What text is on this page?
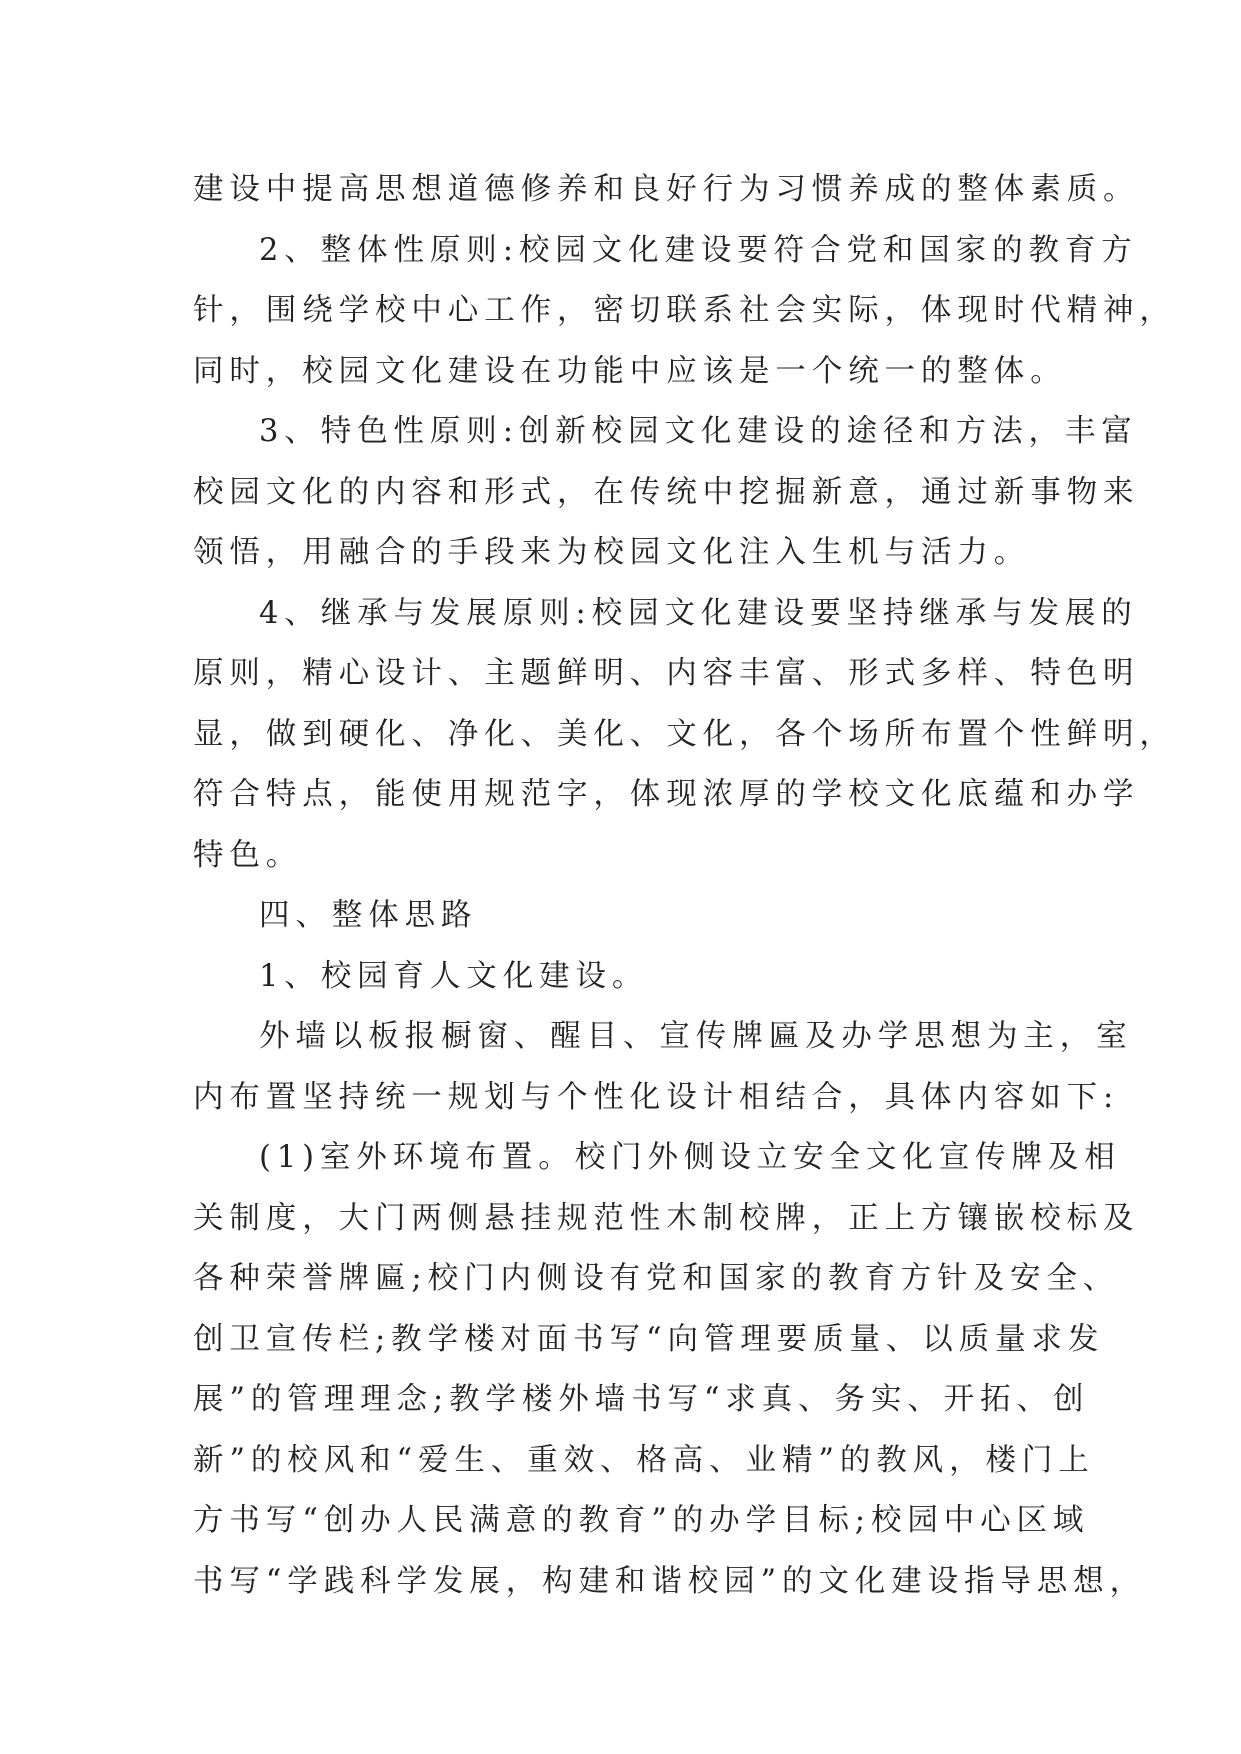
建设中提高思想道德修养和良好行为习惯养成的整体素质。
2、整体性原则:校园文化建设要符合党和国家的教育方
针，围绕学校中心工作，密切联系社会实际，体现时代精神，
同时，校园文化建设在功能中应该是一个统一的整体。
3、特色性原则:创新校园文化建设的途径和方法，丰富
校园文化的内容和形式，在传统中挖掘新意，通过新事物来
领悟，用融合的手段来为校园文化注入生机与活力。
4、继承与发展原则:校园文化建设要坚持继承与发展的
原则，精心设计、主题鲜明、内容丰富、形式多样、特色明
显，做到硬化、净化、美化、文化，各个场所布置个性鲜明，
符合特点，能使用规范字，体现浓厚的学校文化底蕴和办学
特色。
四、整体思路
1、校园育人文化建设。
外墙以板报橱窗、醒目、宣传牌匾及办学思想为主，室
内布置坚持统一规划与个性化设计相结合，具体内容如下:
(1)室外环境布置。校门外侧设立安全文化宣传牌及相
关制度，大门两侧悬挂规范性木制校牌，正上方镶嵌校标及
各种荣誉牌匾;校门内侧设有党和国家的教育方针及安全、
创卫宣传栏;教学楼对面书写“向管理要质量、以质量求发
展”的管理理念;教学楼外墙书写“求真、务实、开拓、创
新”的校风和“爱生、重效、格高、业精”的教风，楼门上
方书写“创办人民满意的教育”的办学目标;校园中心区域
书写“学践科学发展，构建和谐校园”的文化建设指导思想，
